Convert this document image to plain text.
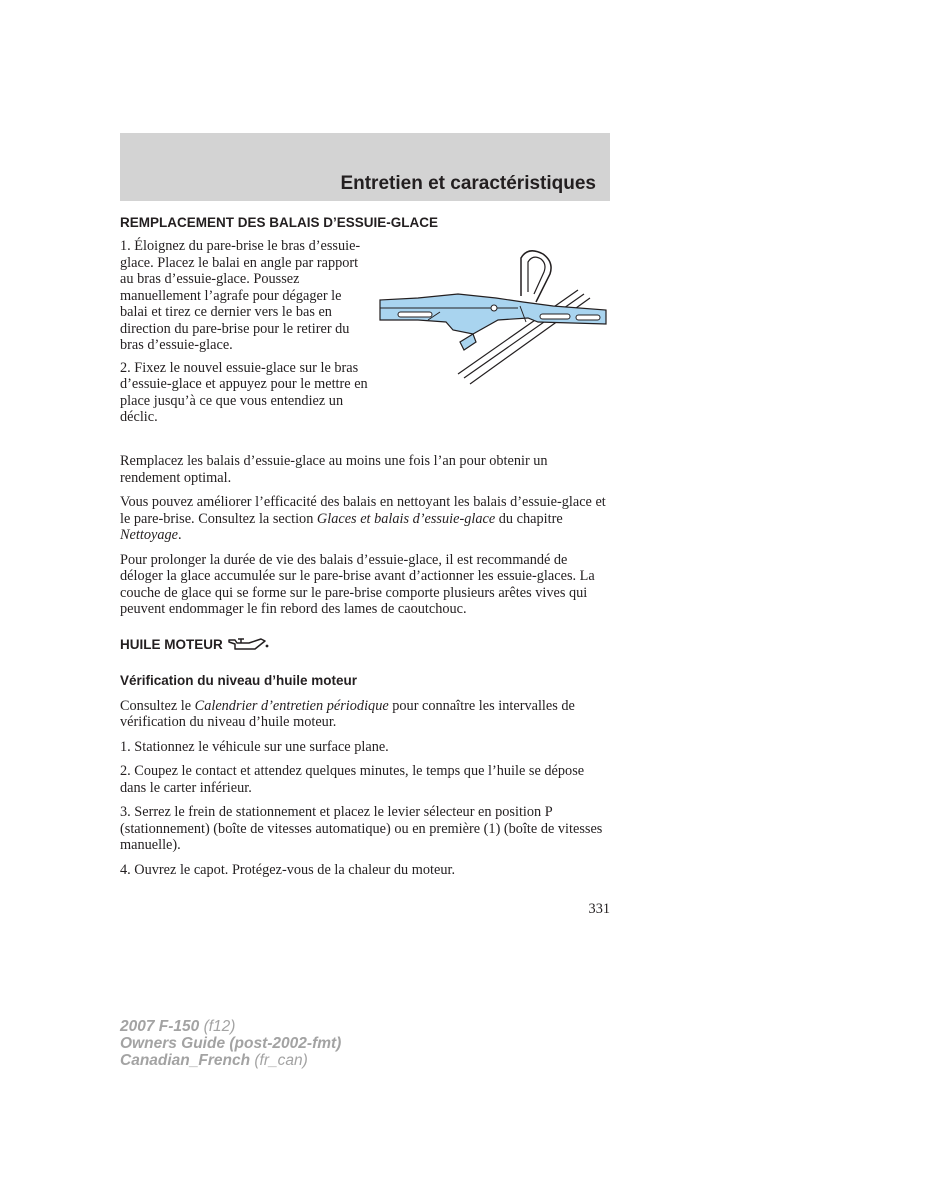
Entretien et caractéristiques
REMPLACEMENT DES BALAIS D’ESSUIE-GLACE

1. Éloignez du pare-brise le bras d’essuie-glace. Placez le balai en angle par rapport au bras d’essuie-glace. Poussez manuellement l’agrafe pour dégager le balai et tirez ce dernier vers le bas en direction du pare-brise pour le retirer du bras d’essuie-glace.

2. Fixez le nouvel essuie-glace sur le bras d’essuie-glace et appuyez pour le mettre en place jusqu’à ce que vous entendiez un déclic.

Remplacez les balais d’essuie-glace au moins une fois l’an pour obtenir un rendement optimal.

Vous pouvez améliorer l’efficacité des balais en nettoyant les balais d’essuie-glace et le pare-brise. Consultez la section Glaces et balais d’essuie-glace du chapitre Nettoyage.

Pour prolonger la durée de vie des balais d’essuie-glace, il est recommandé de déloger la glace accumulée sur le pare-brise avant d’actionner les essuie-glaces. La couche de glace qui se forme sur le pare-brise comporte plusieurs arêtes vives qui peuvent endommager le fin rebord des lames de caoutchouc.

HUILE MOTEUR
Vérification du niveau d’huile moteur

Consultez le Calendrier d’entretien périodique pour connaître les intervalles de vérification du niveau d’huile moteur.

1. Stationnez le véhicule sur une surface plane.

2. Coupez le contact et attendez quelques minutes, le temps que l’huile se dépose dans le carter inférieur.

3. Serrez le frein de stationnement et placez le levier sélecteur en position P (stationnement) (boîte de vitesses automatique) ou en première (1) (boîte de vitesses manuelle).

4. Ouvrez le capot. Protégez-vous de la chaleur du moteur.

331
2007 F-150 (f12)
Owners Guide (post-2002-fmt)
Canadian_French (fr_can)
